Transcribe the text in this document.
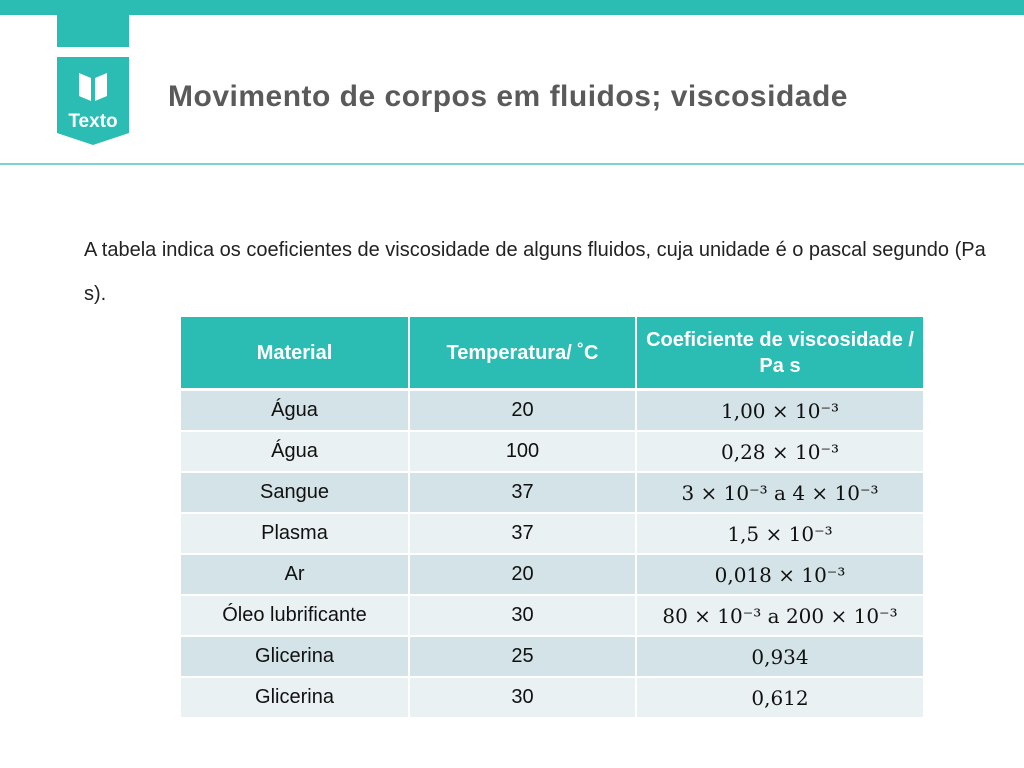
Texto
Movimento de corpos em fluidos; viscosidade
A tabela indica os coeficientes de viscosidade de alguns fluidos, cuja unidade é o pascal segundo (Pa s).
Material	Temperatura/ ˚C	Coeficiente de viscosidade / Pa s
Água	20	1,00 × 10⁻³
Água	100	0,28 × 10⁻³
Sangue	37	3 × 10⁻³ a 4 × 10⁻³
Plasma	37	1,5 × 10⁻³
Ar	20	0,018 × 10⁻³
Óleo lubrificante	30	80 × 10⁻³ a 200 × 10⁻³
Glicerina	25	0,934
Glicerina	30	0,612
